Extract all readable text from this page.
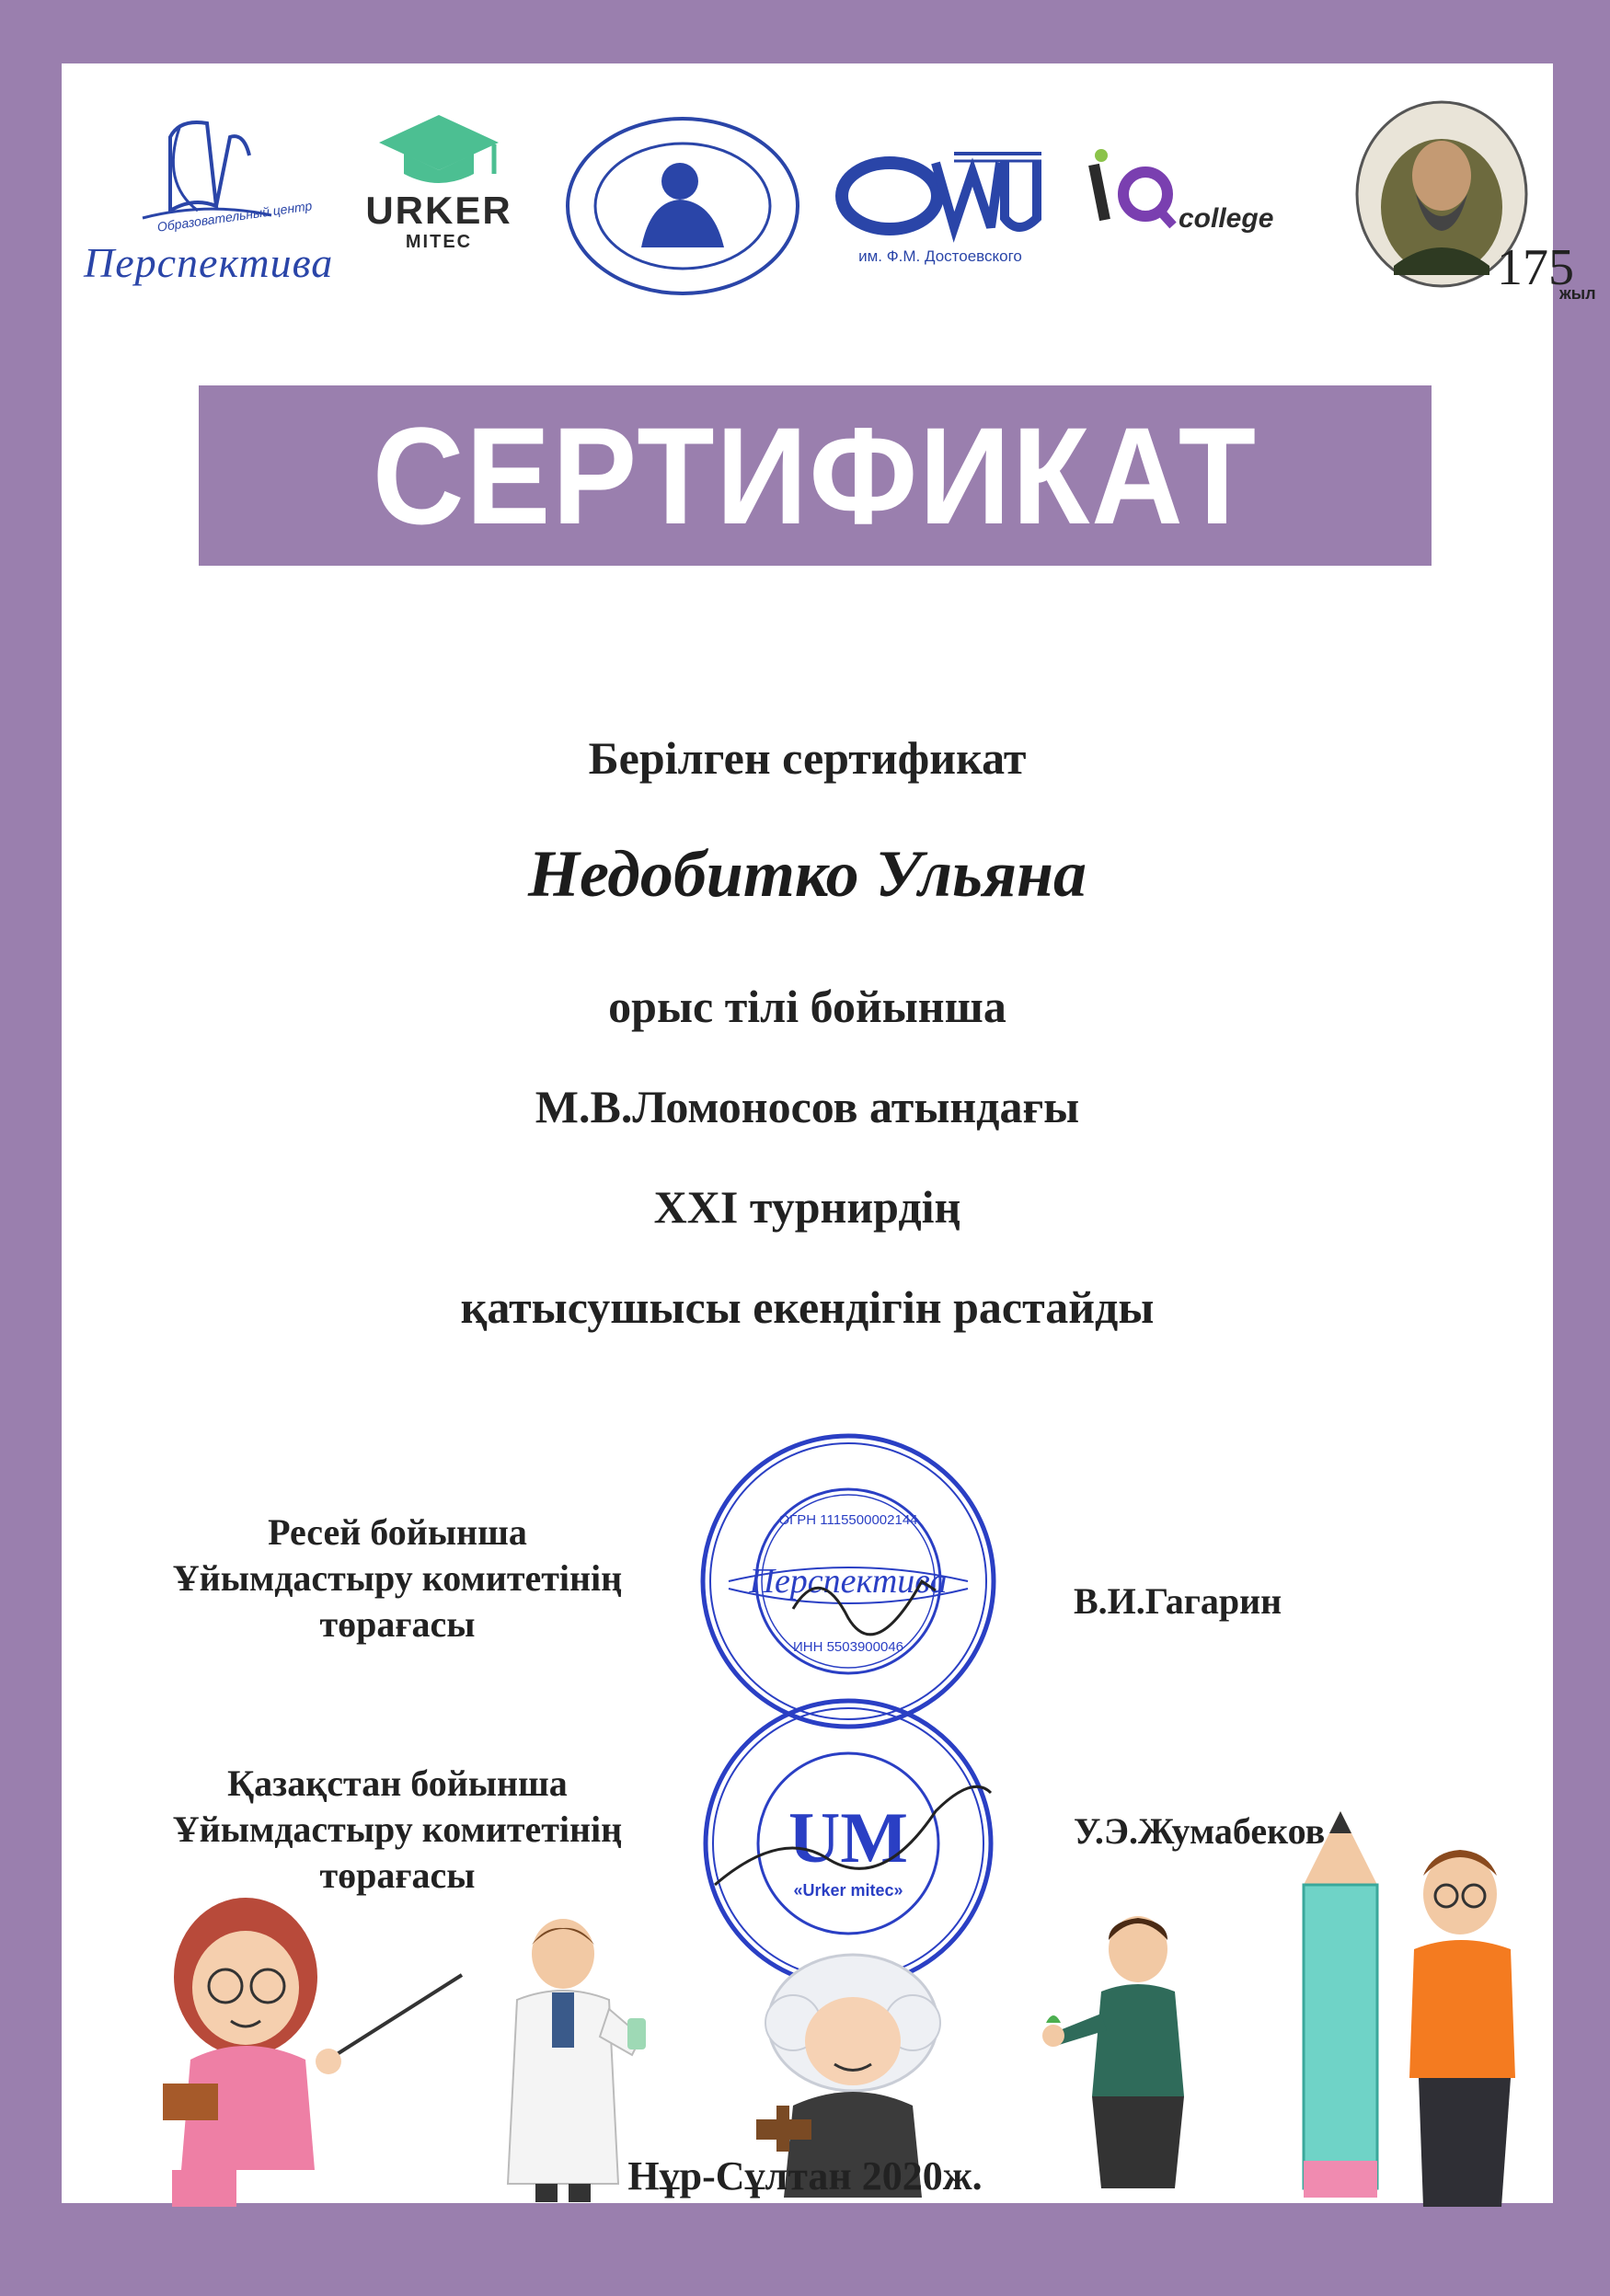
Образовательный центр
Перспектива
URKER
MITEC
им. Ф.М. Достоевского
college
175
жыл
СЕРТИФИКАТ
Берілген сертификат
Недобитко Ульяна
орыс тілі бойынша
М.В.Ломоносов атындағы
XXI турнирдің
қатысушысы екендігін растайды
Ресей бойынша
Ұйымдастыру комитетінің
төрағасы
В.И.Гагарин
Қазақстан бойынша
Ұйымдастыру комитетінің
төрағасы
У.Э.Жумабеков
Перспектива
ОГРН 1115500002144
ИНН 5503900046
UM
«Urker mitec»
Нұр-Сұлтан 2020ж.
